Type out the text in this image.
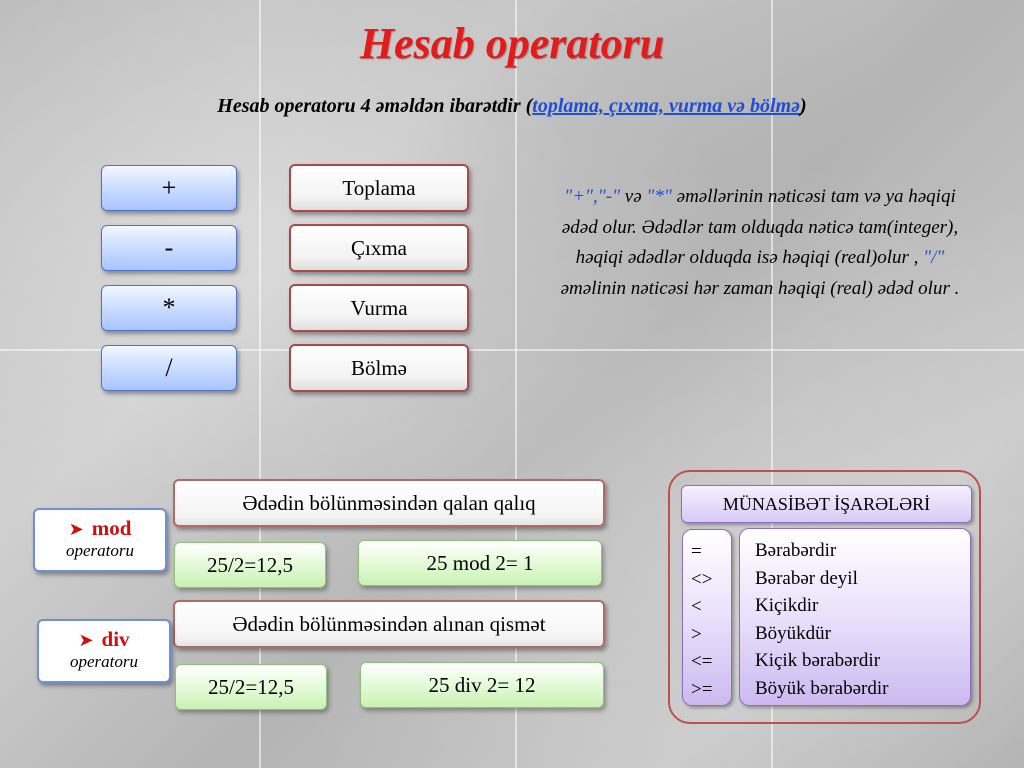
Hesab operatoru
Hesab operatoru 4 əməldən ibarətdir (toplama, çıxma, vurma və bölmə)
+
-
*
/
Toplama
Çıxma
Vurma
Bölmə
"+","-" və "*" əməllərinin nəticəsi tam və ya həqiqi ədəd olur. Ədədlər tam olduqda nəticə tam(integer), həqiqi ədədlər olduqda isə həqiqi (real)olur , "/" əməlinin nəticəsi hər zaman həqiqi (real) ədəd olur .
Ədədin bölünməsindən qalan qalıq
➤ mod
operatoru
25/2=12,5	25 mod 2= 1
Ədədin bölünməsindən alınan qismət
➤ div
operatoru
25/2=12,5	25 div 2= 12
MÜNASİBƏT İŞARƏLƏRİ
=
<>
<
>
<=
>=
Bərabərdir
Bərabər deyil
Kiçikdir
Böyükdür
Kiçik bərabərdir
Böyük bərabərdir
